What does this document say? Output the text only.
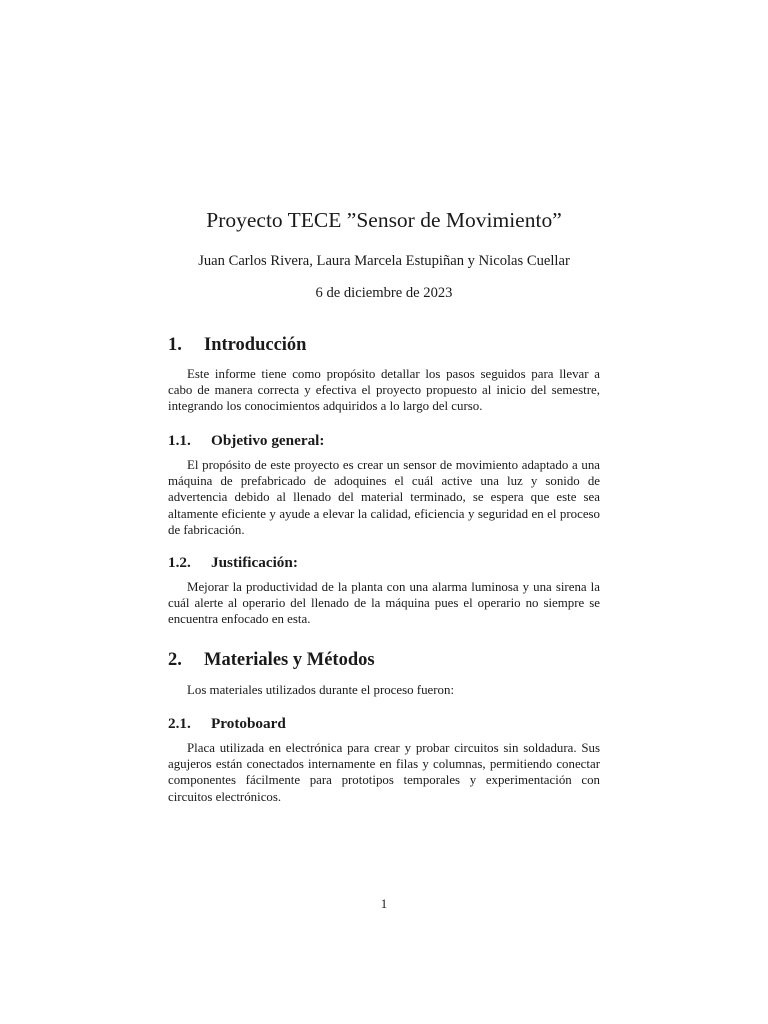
Proyecto TECE ”Sensor de Movimiento”

Juan Carlos Rivera, Laura Marcela Estupiñan y Nicolas Cuellar

6 de diciembre de 2023

1. Introducción

Este informe tiene como propósito detallar los pasos seguidos para llevar a cabo de manera correcta y efectiva el proyecto propuesto al inicio del semestre, integrando los conocimientos adquiridos a lo largo del curso.

1.1. Objetivo general:

El propósito de este proyecto es crear un sensor de movimiento adaptado a una máquina de prefabricado de adoquines el cuál active una luz y sonido de advertencia debido al llenado del material terminado, se espera que este sea altamente eficiente y ayude a elevar la calidad, eficiencia y seguridad en el proceso de fabricación.

1.2. Justificación:

Mejorar la productividad de la planta con una alarma luminosa y una sirena la cuál alerte al operario del llenado de la máquina pues el operario no siempre se encuentra enfocado en esta.

2. Materiales y Métodos

Los materiales utilizados durante el proceso fueron:

2.1. Protoboard

Placa utilizada en electrónica para crear y probar circuitos sin soldadura. Sus agujeros están conectados internamente en filas y columnas, permitiendo conectar componentes fácilmente para prototipos temporales y experimentación con circuitos electrónicos.

1
